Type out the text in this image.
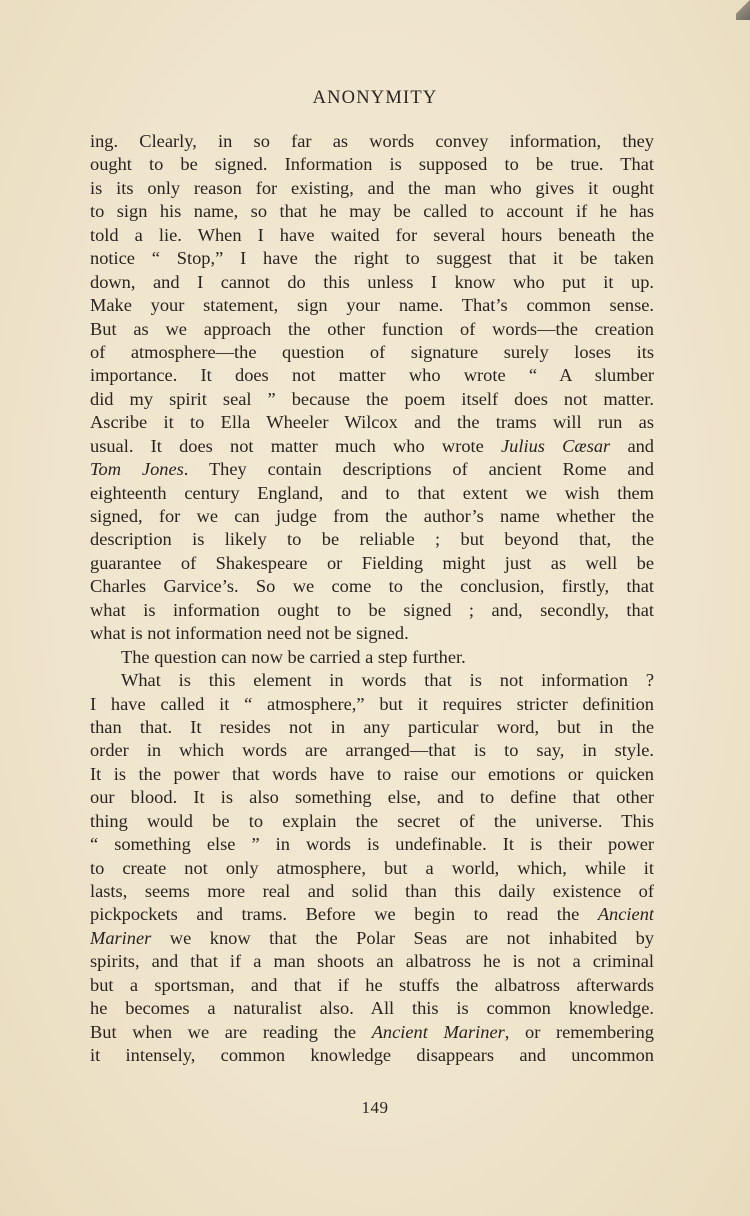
ANONYMITY
ing. Clearly, in so far as words convey information, they
ought to be signed. Information is supposed to be true. That
is its only reason for existing, and the man who gives it ought
to sign his name, so that he may be called to account if he has
told a lie. When I have waited for several hours beneath the
notice “ Stop,” I have the right to suggest that it be taken
down, and I cannot do this unless I know who put it up.
Make your statement, sign your name. That’s common sense.
But as we approach the other function of words—the creation
of atmosphere—the question of signature surely loses its
importance. It does not matter who wrote “ A slumber
did my spirit seal ” because the poem itself does not matter.
Ascribe it to Ella Wheeler Wilcox and the trams will run as
usual. It does not matter much who wrote Julius Cæsar and
Tom Jones. They contain descriptions of ancient Rome and
eighteenth century England, and to that extent we wish them
signed, for we can judge from the author’s name whether the
description is likely to be reliable ; but beyond that, the
guarantee of Shakespeare or Fielding might just as well be
Charles Garvice’s. So we come to the conclusion, firstly, that
what is information ought to be signed ; and, secondly, that
what is not information need not be signed.
The question can now be carried a step further.
What is this element in words that is not information ?
I have called it “ atmosphere,” but it requires stricter definition
than that. It resides not in any particular word, but in the
order in which words are arranged—that is to say, in style.
It is the power that words have to raise our emotions or quicken
our blood. It is also something else, and to define that other
thing would be to explain the secret of the universe. This
“ something else ” in words is undefinable. It is their power
to create not only atmosphere, but a world, which, while it
lasts, seems more real and solid than this daily existence of
pickpockets and trams. Before we begin to read the Ancient
Mariner we know that the Polar Seas are not inhabited by
spirits, and that if a man shoots an albatross he is not a criminal
but a sportsman, and that if he stuffs the albatross afterwards
he becomes a naturalist also. All this is common knowledge.
But when we are reading the Ancient Mariner, or remembering
it intensely, common knowledge disappears and uncommon
149
